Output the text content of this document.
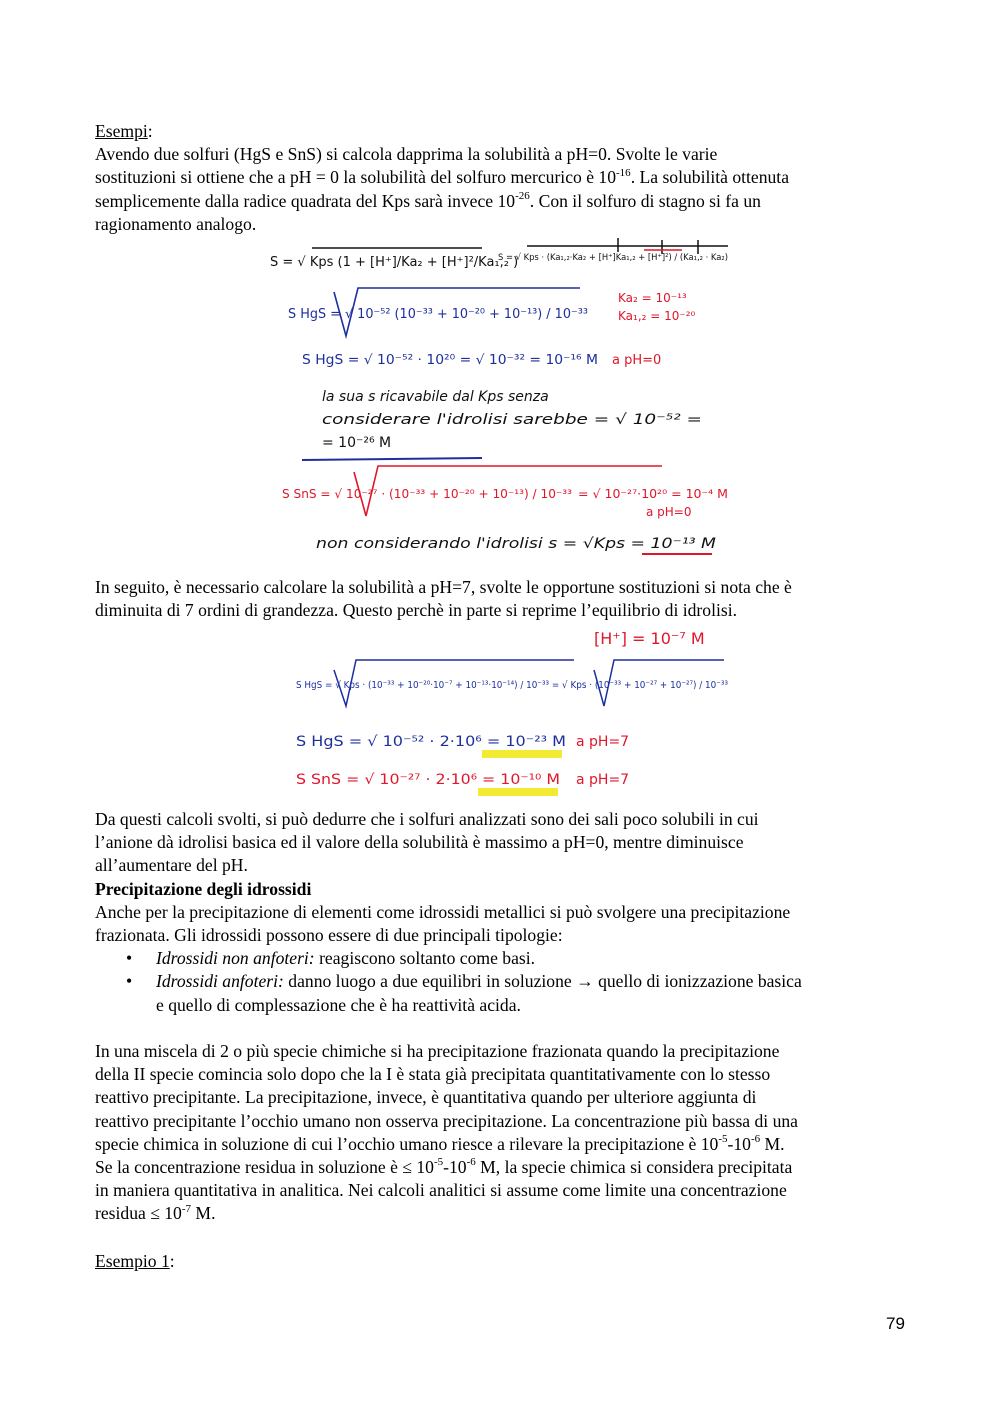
Esempi:
Avendo due solfuri (HgS e SnS) si calcola dapprima la solubilità a pH=0. Svolte le varie
sostituzioni si ottiene che a pH = 0 la solubilità del solfuro mercurico è $10^{-16}$. La solubilità ottenuta
semplicemente dalla radice quadrata del Kps sarà invece $10^{-26}$. Con il solfuro di stagno si fa un
ragionamento analogo.
S = √ Kps (1 + [H⁺]/Ka₂ + [H⁺]²/Ka₁,₂ )
S = √ Kps · (Ka₁,₂·Ka₂ + [H⁺]Ka₁,₂ + [H⁺]²) / (Ka₁,₂ · Ka₂)
S HgS = √ 10⁻⁵² (10⁻³³ + 10⁻²⁰ + 10⁻¹³) / 10⁻³³
Ka₂ = 10⁻¹³
Ka₁,₂ = 10⁻²⁰
S HgS = √ 10⁻⁵² · 10²⁰ = √ 10⁻³² = 10⁻¹⁶ M a pH=0
la sua s ricavabile dal Kps senza
considerare l'idrolisi sarebbe = √ 10⁻⁵² =
= 10⁻²⁶ M
S SnS = √ 10⁻²⁷ · (10⁻³³ + 10⁻²⁰ + 10⁻¹³) / 10⁻³³ = √ 10⁻²⁷·10²⁰ = 10⁻⁴ M
a pH=0
non considerando l'idrolisi s = √Kps = 10⁻¹³ M
In seguito, è necessario calcolare la solubilità a pH=7, svolte le opportune sostituzioni si nota che è
diminuita di 7 ordini di grandezza. Questo perchè in parte si reprime l’equilibrio di idrolisi.
[H⁺] = 10⁻⁷ M
S HgS = √ Kps · (10⁻³³ + 10⁻²⁰·10⁻⁷ + 10⁻¹³·10⁻¹⁴) / 10⁻³³ = √ Kps · (10⁻³³ + 10⁻²⁷ + 10⁻²⁷) / 10⁻³³
S HgS = √ 10⁻⁵² · 2·10⁶ = 10⁻²³ M a pH=7
S SnS = √ 10⁻²⁷ · 2·10⁶ = 10⁻¹⁰ M a pH=7
Da questi calcoli svolti, si può dedurre che i solfuri analizzati sono dei sali poco solubili in cui
l’anione dà idrolisi basica ed il valore della solubilità è massimo a pH=0, mentre diminuisce
all’aumentare del pH.
Precipitazione degli idrossidi
Anche per la precipitazione di elementi come idrossidi metallici si può svolgere una precipitazione
frazionata. Gli idrossidi possono essere di due principali tipologie:
• Idrossidi non anfoteri: reagiscono soltanto come basi.
• Idrossidi anfoteri: danno luogo a due equilibri in soluzione → quello di ionizzazione basica
e quello di complessazione che è ha reattività acida.
In una miscela di 2 o più specie chimiche si ha precipitazione frazionata quando la precipitazione
della II specie comincia solo dopo che la I è stata già precipitata quantitativamente con lo stesso
reattivo precipitante. La precipitazione, invece, è quantitativa quando per ulteriore aggiunta di
reattivo precipitante l’occhio umano non osserva precipitazione. La concentrazione più bassa di una
specie chimica in soluzione di cui l’occhio umano riesce a rilevare la precipitazione è $10^{-5}-10^{-6}$ M.
Se la concentrazione residua in soluzione è ≤ $10^{-5}-10^{-6}$ M, la specie chimica si considera precipitata
in maniera quantitativa in analitica. Nei calcoli analitici si assume come limite una concentrazione
residua ≤ $10^{-7}$ M.
Esempio 1:
79
